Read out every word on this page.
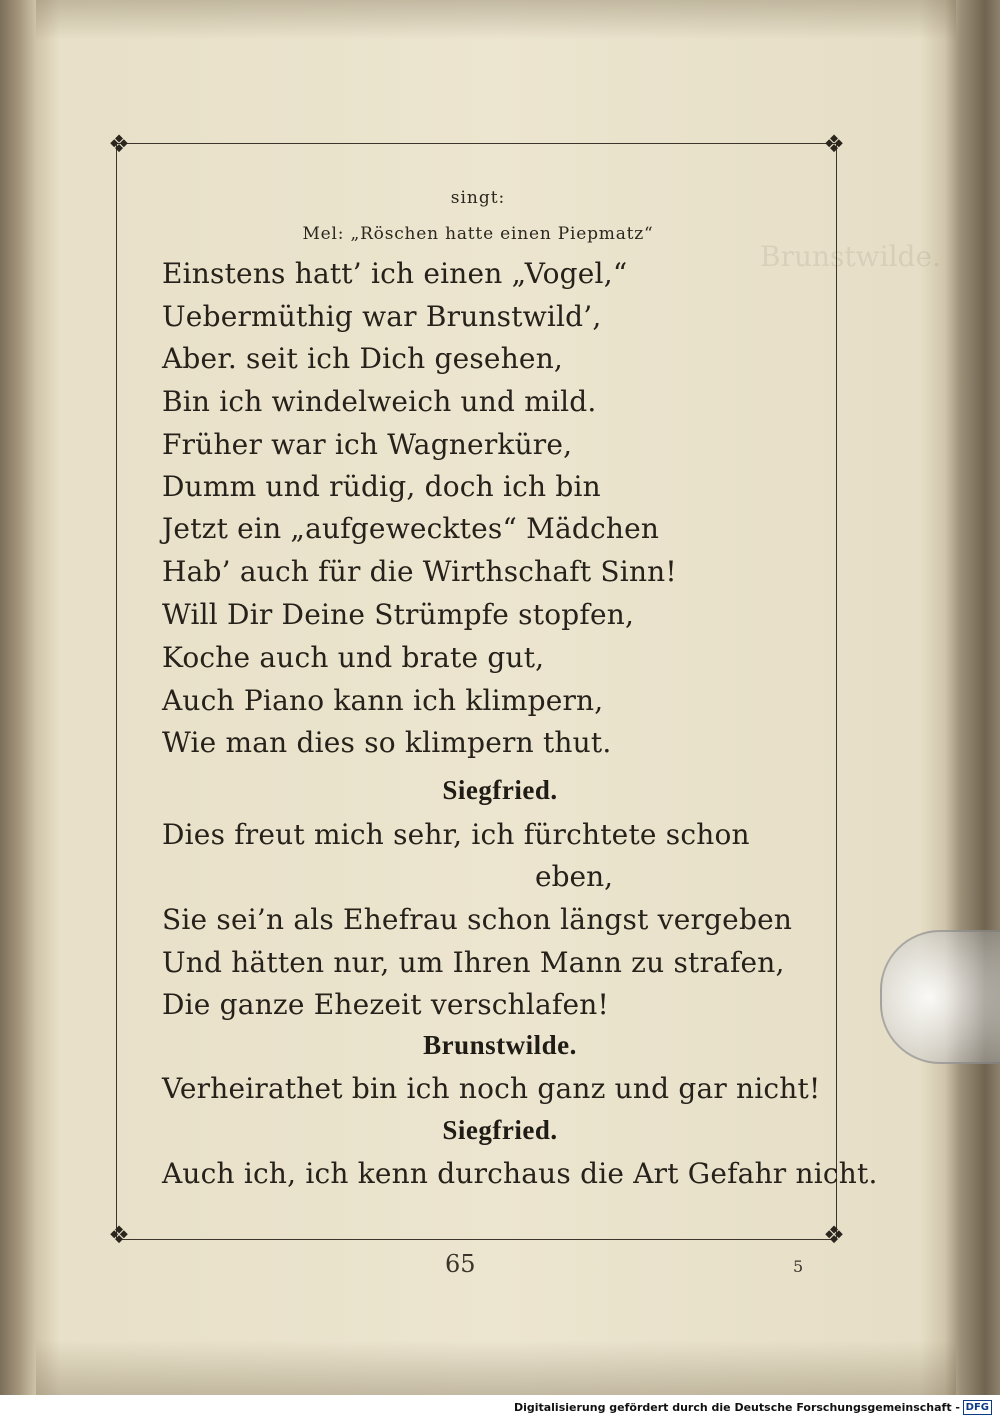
Brunstwilde.
❖	❖
❖	❖
singt:
Mel: „Röschen hatte einen Piepmatz“
Einstens hatt’ ich einen „Vogel,“
Uebermüthig war Brunstwild’,
Aber. seit ich Dich gesehen,
Bin ich windelweich und mild.
Früher war ich Wagnerküre,
Dumm und rüdig, doch ich bin
Jetzt ein „aufgewecktes“ Mädchen
Hab’ auch für die Wirthschaft Sinn!
Will Dir Deine Strümpfe stopfen,
Koche auch und brate gut,
Auch Piano kann ich klimpern,
Wie man dies so klimpern thut.
Siegfried.
Dies freut mich sehr, ich fürchtete schon
eben,
Sie sei’n als Ehefrau schon längst vergeben
Und hätten nur, um Ihren Mann zu strafen,
Die ganze Ehezeit verschlafen!
Brunstwilde.
Verheirathet bin ich noch ganz und gar nicht!
Siegfried.
Auch ich, ich kenn durchaus die Art Gefahr nicht.
65	5
Digitalisierung gefördert durch die Deutsche Forschungsgemeinschaft - DFG
